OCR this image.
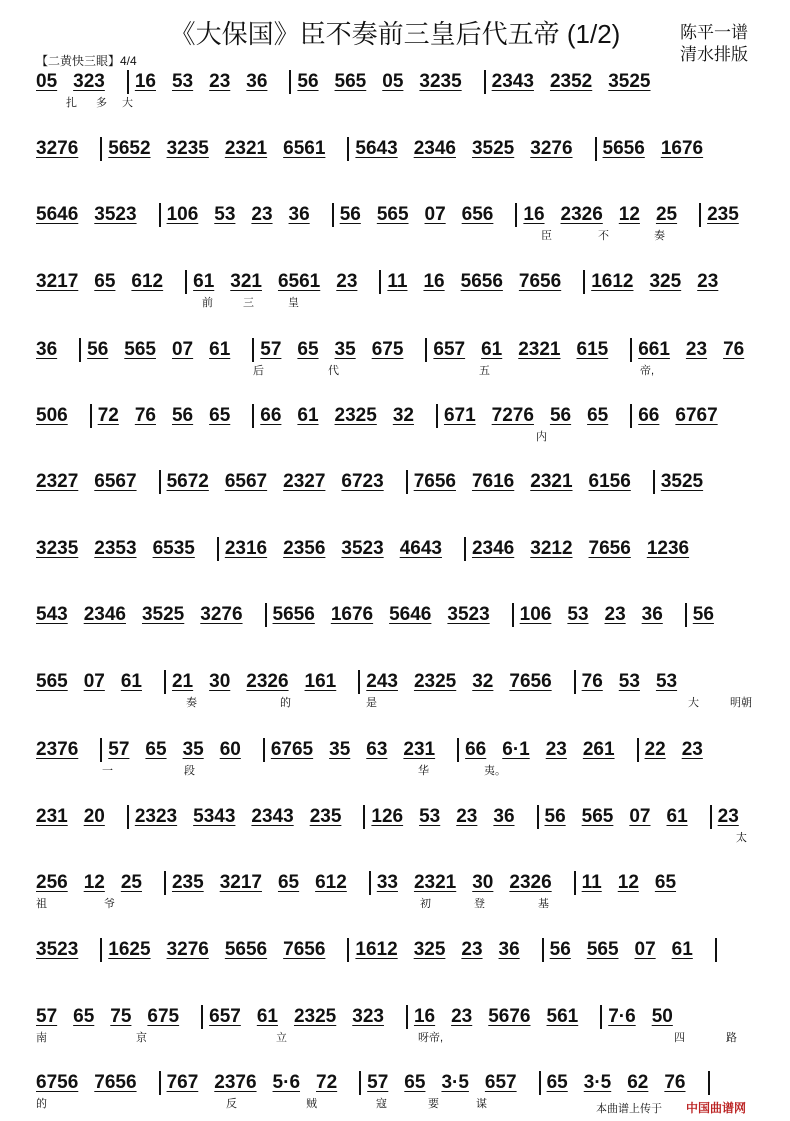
《大保国》臣不奏前三皇后代五帝 (1/2)	陈平一谱
清水排版
【二黄快三眼】4/4
05 323 16 53 23 36 56 565 05 3235 2343 2352 3525
扎 多 大
3276 5652 3235 2321 6561 5643 2346 3525 3276 5656 1676
5646 3523 106 53 23 36 56 565 07 656 16 2326 12 25 235
臣	不	奏
3217 65 612 61 321 6561 23 11 16 5656 7656 1612 325 23
前	三	皇
36 56 565 07 61 57 65 35 675 657 61 2321 615 661 23 76
后	代	五	帝,
506 72 76 56 65 66 61 2325 32 671 7276 56 65 66 6767
内
2327 6567 5672 6567 2327 6723 7656 7616 2321 6156 3525
3235 2353 6535 2316 2356 3523 4643 2346 3212 7656 1236
543 2346 3525 3276 5656 1676 5646 3523 106 53 23 36 56
565 07 61 21 30 2326 161 243 2325 32 7656 76 53 53
奏	的	是	大	明朝
2376 57 65 35 60 6765 35 63 231 66 6·1 23 261 22 23
一	段	华	夷。
231 20 2323 5343 2343 235 126 53 23 36 56 565 07 61 23
太
256 12 25 235 3217 65 612 33 2321 30 2326 11 12 65
祖	爷	初	登	基
3523 1625 3276 5656 7656 1612 325 23 36 56 565 07 61
57 65 75 675 657 61 2325 323 16 23 5676 561 7·6 50
南	京	立	呀帝,	四	路
6756 7656 767 2376 5·6 72 57 65 3·5 657 65 3·5 62 76
的	反	贼	寇	要	谋	本曲谱上传于 中国曲谱网
